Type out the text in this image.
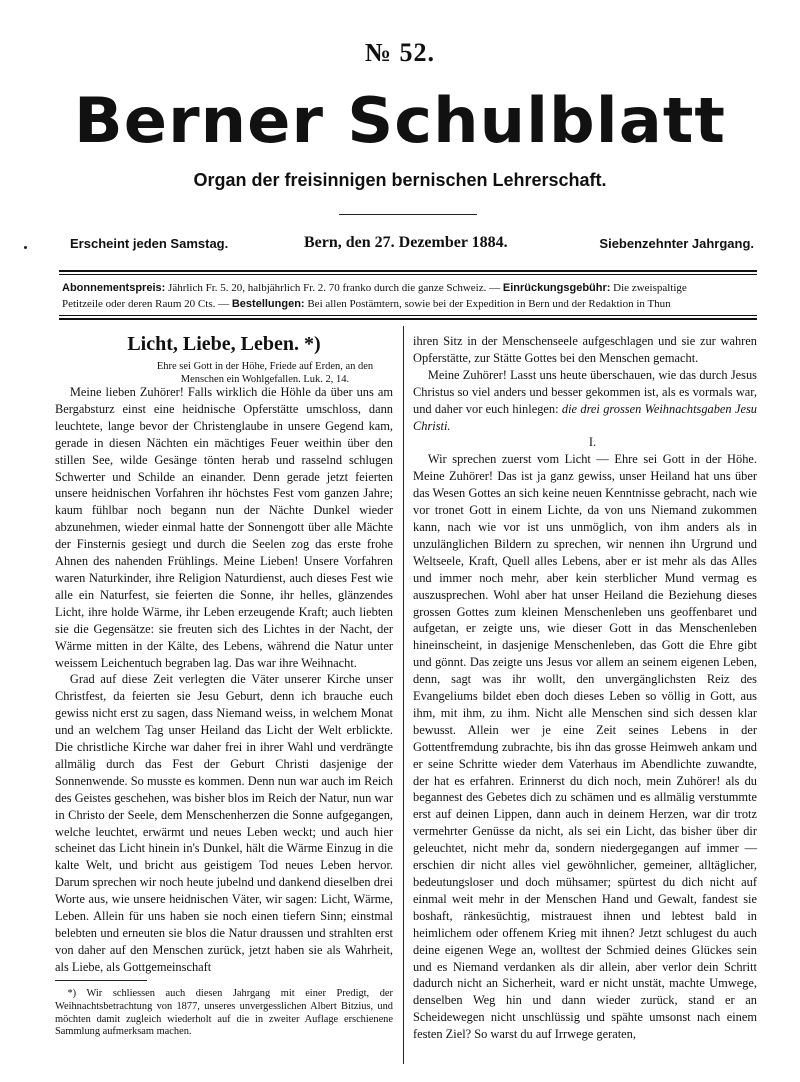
№ 52.
Berner Schulblatt
Organ der freisinnigen bernischen Lehrerschaft.
Erscheint jeden Samstag.	Bern, den 27. Dezember 1884.	Siebenzehnter Jahrgang.
Abonnementspreis: Jährlich Fr. 5. 20, halbjährlich Fr. 2. 70 franko durch die ganze Schweiz. — Einrückungsgebühr: Die zweispaltige
Petitzeile oder deren Raum 20 Cts. — Bestellungen: Bei allen Postämtern, sowie bei der Expedition in Bern und der Redaktion in Thun
Licht, Liebe, Leben. *)
Ehre sei Gott in der Höhe, Friede auf Erden, an den Menschen ein Wohlgefallen. Luk. 2, 14.

Meine lieben Zuhörer! Falls wirklich die Höhle da über uns am Bergabsturz einst eine heidnische Opferstätte umschloss, dann leuchtete, lange bevor der Christenglaube in unsere Gegend kam, gerade in diesen Nächten ein mächtiges Feuer weithin über den stillen See, wilde Gesänge tönten herab und rasselnd schlugen Schwerter und Schilde an einander. Denn gerade jetzt feierten unsere heidnischen Vorfahren ihr höchstes Fest vom ganzen Jahre; kaum fühlbar noch begann nun der Nächte Dunkel wieder abzunehmen, wieder einmal hatte der Sonnengott über alle Mächte der Finsternis gesiegt und durch die Seelen zog das erste frohe Ahnen des nahenden Frühlings. Meine Lieben! Unsere Vorfahren waren Naturkinder, ihre Religion Naturdienst, auch dieses Fest wie alle ein Naturfest, sie feierten die Sonne, ihr helles, glänzendes Licht, ihre holde Wärme, ihr Leben erzeugende Kraft; auch liebten sie die Gegensätze: sie freuten sich des Lichtes in der Nacht, der Wärme mitten in der Kälte, des Lebens, während die Natur unter weissem Leichentuch begraben lag. Das war ihre Weihnacht.

Grad auf diese Zeit verlegten die Väter unserer Kirche unser Christfest, da feierten sie Jesu Geburt, denn ich brauche euch gewiss nicht erst zu sagen, dass Niemand weiss, in welchem Monat und an welchem Tag unser Heiland das Licht der Welt erblickte. Die christliche Kirche war daher frei in ihrer Wahl und verdrängte allmälig durch das Fest der Geburt Christi dasjenige der Sonnenwende. So musste es kommen. Denn nun war auch im Reich des Geistes geschehen, was bisher blos im Reich der Natur, nun war in Christo der Seele, dem Menschenherzen die Sonne aufgegangen, welche leuchtet, erwärmt und neues Leben weckt; und auch hier scheinet das Licht hinein in's Dunkel, hält die Wärme Einzug in die kalte Welt, und bricht aus geistigem Tod neues Leben hervor. Darum sprechen wir noch heute jubelnd und dankend dieselben drei Worte aus, wie unsere heidnischen Väter, wir sagen: Licht, Wärme, Leben. Allein für uns haben sie noch einen tiefern Sinn; einstmal belebten und erneuten sie blos die Natur draussen und strahlten erst von daher auf den Menschen zurück, jetzt haben sie als Wahrheit, als Liebe, als Gottgemeinschaft

*) Wir schliessen auch diesen Jahrgang mit einer Predigt, der Weihnachtsbetrachtung von 1877, unseres unvergesslichen Albert Bitzius, und möchten damit zugleich wiederholt auf die in zweiter Auflage erschienene Sammlung aufmerksam machen.

ihren Sitz in der Menschenseele aufgeschlagen und sie zur wahren Opferstätte, zur Stätte Gottes bei den Menschen gemacht.

Meine Zuhörer! Lasst uns heute überschauen, wie das durch Jesus Christus so viel anders und besser gekommen ist, als es vormals war, und daher vor euch hinlegen: die drei grossen Weihnachtsgaben Jesu Christi.

I.

Wir sprechen zuerst vom Licht — Ehre sei Gott in der Höhe. Meine Zuhörer! Das ist ja ganz gewiss, unser Heiland hat uns über das Wesen Gottes an sich keine neuen Kenntnisse gebracht, nach wie vor tronet Gott in einem Lichte, da von uns Niemand zukommen kann, nach wie vor ist uns unmöglich, von ihm anders als in unzulänglichen Bildern zu sprechen, wir nennen ihn Urgrund und Weltseele, Kraft, Quell alles Lebens, aber er ist mehr als das Alles und immer noch mehr, aber kein sterblicher Mund vermag es auszusprechen. Wohl aber hat unser Heiland die Beziehung dieses grossen Gottes zum kleinen Menschenleben uns geoffenbaret und aufgetan, er zeigte uns, wie dieser Gott in das Menschenleben hineinscheint, in dasjenige Menschenleben, das Gott die Ehre gibt und gönnt. Das zeigte uns Jesus vor allem an seinem eigenen Leben, denn, sagt was ihr wollt, den unvergänglichsten Reiz des Evangeliums bildet eben doch dieses Leben so völlig in Gott, aus ihm, mit ihm, zu ihm. Nicht alle Menschen sind sich dessen klar bewusst. Allein wer je eine Zeit seines Lebens in der Gottentfremdung zubrachte, bis ihn das grosse Heimweh ankam und er seine Schritte wieder dem Vaterhaus im Abendlichte zuwandte, der hat es erfahren. Erinnerst du dich noch, mein Zuhörer! als du begannest des Gebetes dich zu schämen und es allmälig verstummte erst auf deinen Lippen, dann auch in deinem Herzen, war dir trotz vermehrter Genüsse da nicht, als sei ein Licht, das bisher über dir geleuchtet, nicht mehr da, sondern niedergegangen auf immer — erschien dir nicht alles viel gewöhnlicher, gemeiner, alltäglicher, bedeutungsloser und doch mühsamer; spürtest du dich nicht auf einmal weit mehr in der Menschen Hand und Gewalt, fandest sie boshaft, ränkesüchtig, mistrauest ihnen und lebtest bald in heimlichem oder offenem Krieg mit ihnen? Jetzt schlugest du auch deine eigenen Wege an, wolltest der Schmied deines Glückes sein und es Niemand verdanken als dir allein, aber verlor dein Schritt dadurch nicht an Sicherheit, ward er nicht unstät, machte Umwege, denselben Weg hin und dann wieder zurück, stand er an Scheidewegen nicht unschlüssig und spähte umsonst nach einem festen Ziel? So warst du auf Irrwege geraten,
